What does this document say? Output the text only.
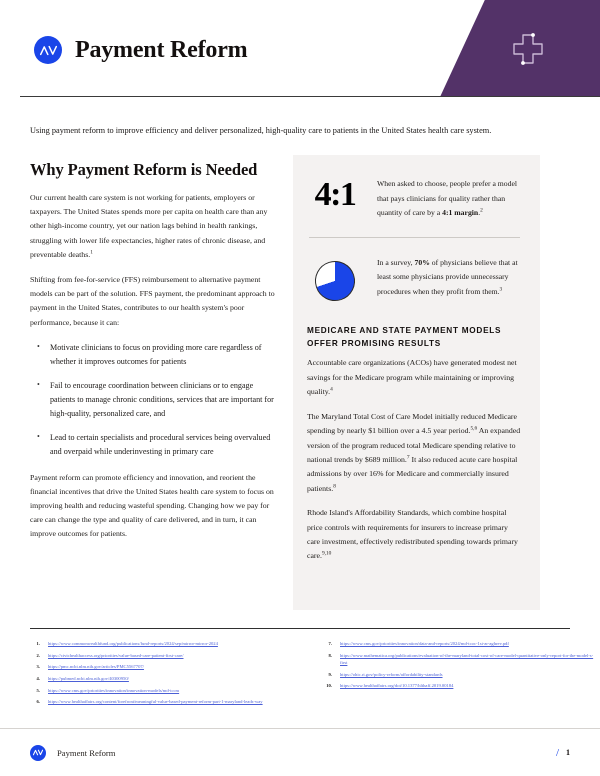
Payment Reform
Using payment reform to improve efficiency and deliver personalized, high-quality care to patients in the United States health care system.
Why Payment Reform is Needed

Our current health care system is not working for patients, employers or taxpayers. The United States spends more per capita on health care than any other high-income country, yet our nation lags behind in health rankings, struggling with lower life expectancies, higher rates of chronic disease, and preventable deaths.$^1$

Shifting from fee-for-service (FFS) reimbursement to alternative payment models can be part of the solution. FFS payment, the predominant approach to payment in the United States, contributes to our health system's poor performance, because it can:

• Motivate clinicians to focus on providing more care regardless of whether it improves outcomes for patients
• Fail to encourage coordination between clinicians or to engage patients to manage chronic conditions, services that are important for high-quality, personalized care, and
• Lead to certain specialists and procedural services being overvalued and overpaid while underinvesting in primary care

Payment reform can promote efficiency and innovation, and reorient the financial incentives that drive the United States health care system to focus on improving health and reducing wasteful spending. Changing how we pay for care can change the type and quality of care delivered, and in turn, it can improve outcomes for patients.

4:1	When asked to choose, people prefer a model that pays clinicians for quality rather than quantity of care by a 4:1 margin.$^2$
In a survey, 70% of physicians believe that at least some physicians provide unnecessary procedures when they profit from them.$^3$
MEDICARE AND STATE PAYMENT MODELS OFFER PROMISING RESULTS

Accountable care organizations (ACOs) have generated modest net savings for the Medicare program while maintaining or improving quality.$^4$

The Maryland Total Cost of Care Model initially reduced Medicare spending by nearly $1 billion over a 4.5 year period.$^{5,6}$ An expanded version of the program reduced total Medicare spending relative to national trends by $689 million.$^7$ It also reduced acute care hospital admissions by over 16% for Medicare and commercially insured patients.$^8$

Rhode Island's Affordability Standards, which combine hospital price controls with requirements for insurers to increase primary care investment, effectively redistributed spending towards primary care.$^{9,10}$

1. https://www.commonwealthfund.org/publications/fund-reports/2024/sep/mirror-mirror-2024
2. https://civichealthaccess.org/priorities/value-based-care-patient-first-care/
3. https://pmc.ncbi.nlm.nih.gov/articles/PMC5567707/
4. https://pubmed.ncbi.nlm.nih.gov/40300950/
5. https://www.cms.gov/priorities/innovation/innovation-models/md-tccm
6. https://www.healthaffairs.org/content/forefront/meaningful-value-based-payment-reform-part-1-maryland-leads-way
7. https://www.cms.gov/priorities/innovation/data-and-reports/2024/md-tcoc-1st-ar-aghrev.pdf
8. https://www.mathematica.org/publications/evaluation-of-the-maryland-total-cost-of-care-model-quantitative-only-report-for-the-model-s-first
9. https://ohic.ri.gov/policy-reform/affordability-standards
10. https://www.healthaffairs.org/doi/10.1377/hlthaff.2019.00184
Payment Reform	/ 1
